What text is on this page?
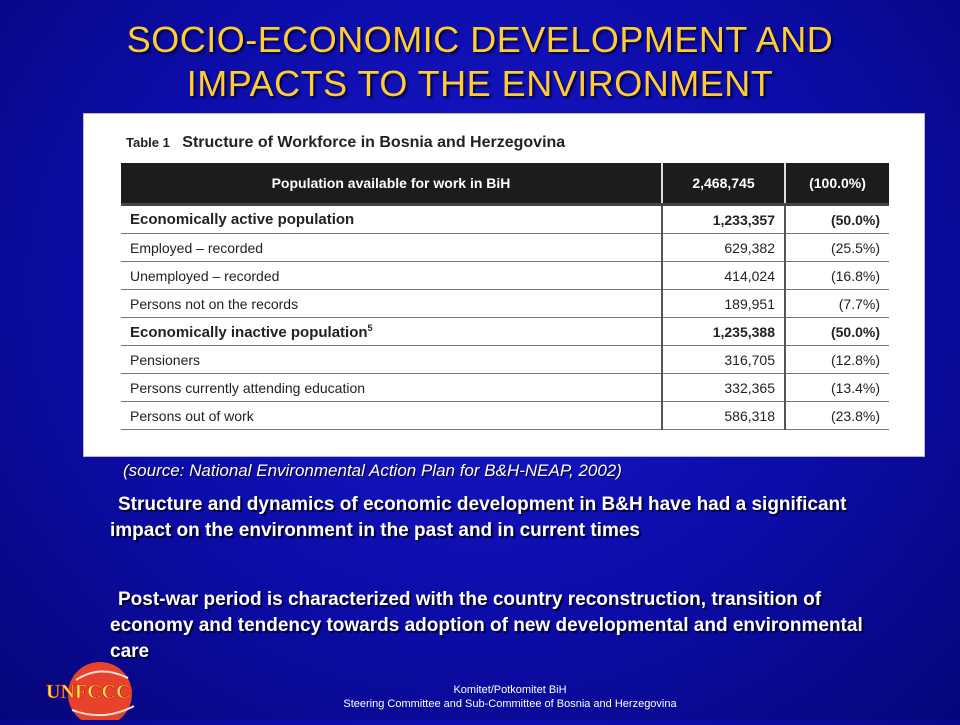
SOCIO-ECONOMIC DEVELOPMENT AND IMPACTS TO THE ENVIRONMENT
Table 1 Structure of Workforce in Bosnia and Herzegovina
Population available for work in BiH	2,468,745	(100.0%)
Economically active population	1,233,357	(50.0%)
Employed – recorded	629,382	(25.5%)
Unemployed – recorded	414,024	(16.8%)
Persons not on the records	189,951	(7.7%)
Economically inactive population$^5$	1,235,388	(50.0%)
Pensioners	316,705	(12.8%)
Persons currently attending education	332,365	(13.4%)
Persons out of work	586,318	(23.8%)
(source: National Environmental Action Plan for B&H-NEAP, 2002)
Structure and dynamics of economic development in B&H have had a significant impact on the environment in the past and in current times
Post-war period is characterized with the country reconstruction, transition of economy and tendency towards adoption of new developmental and environmental care
UNFCCC	Komitet/Potkomitet BiH
Steering Committee and Sub-Committee of Bosnia and Herzegovina
